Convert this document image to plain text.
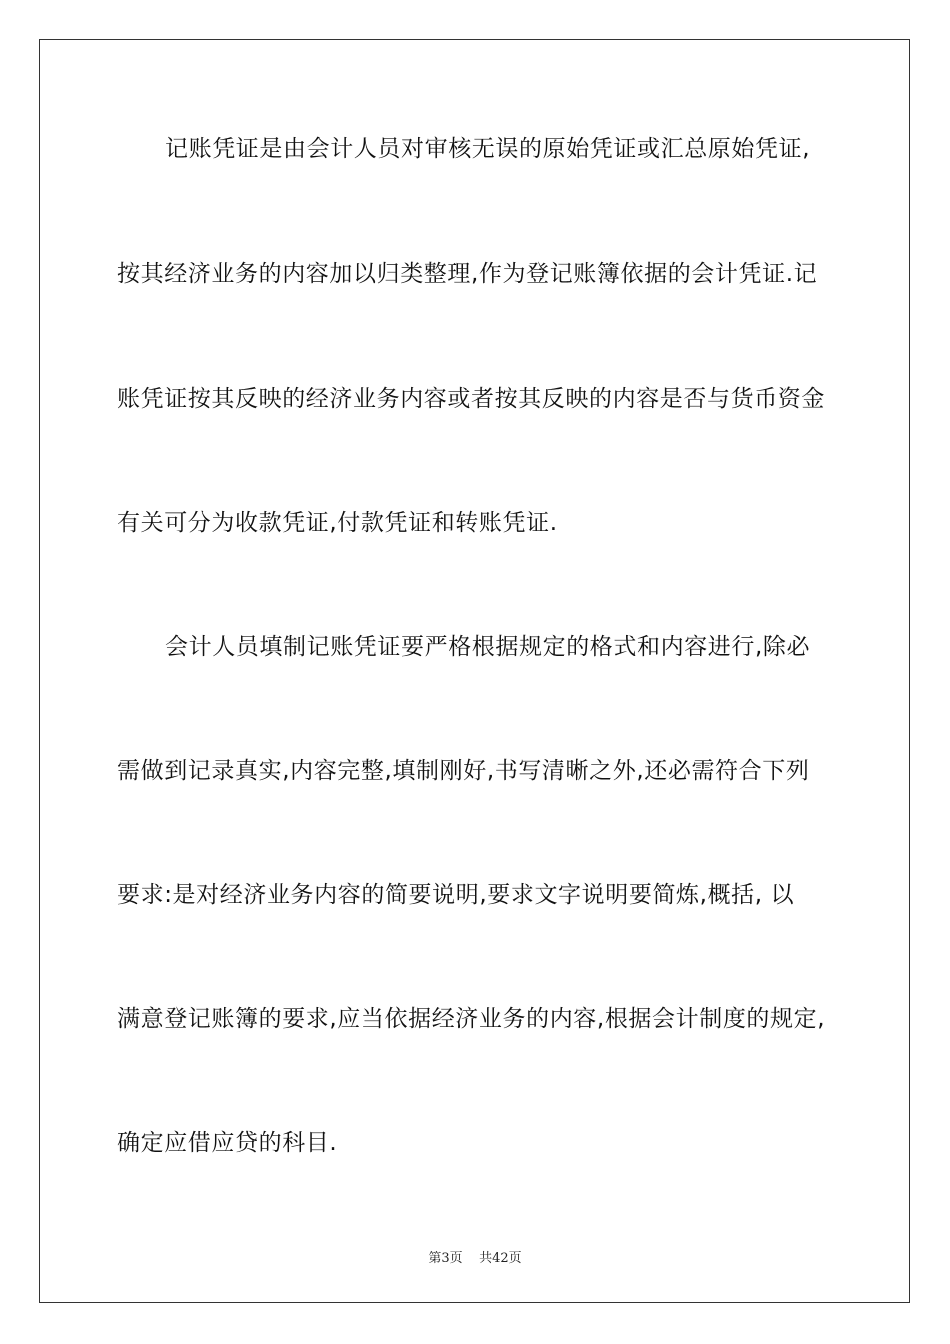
记账凭证是由会计人员对审核无误的原始凭证或汇总原始凭证,
按其经济业务的内容加以归类整理,作为登记账簿依据的会计凭证.记
账凭证按其反映的经济业务内容或者按其反映的内容是否与货币资金
有关可分为收款凭证,付款凭证和转账凭证.
会计人员填制记账凭证要严格根据规定的格式和内容进行,除必
需做到记录真实,内容完整,填制刚好,书写清晰之外,还必需符合下列
要求:是对经济业务内容的简要说明,要求文字说明要简炼,概括, 以
满意登记账簿的要求,应当依据经济业务的内容,根据会计制度的规定,
确定应借应贷的科目.
第3页 共42页
